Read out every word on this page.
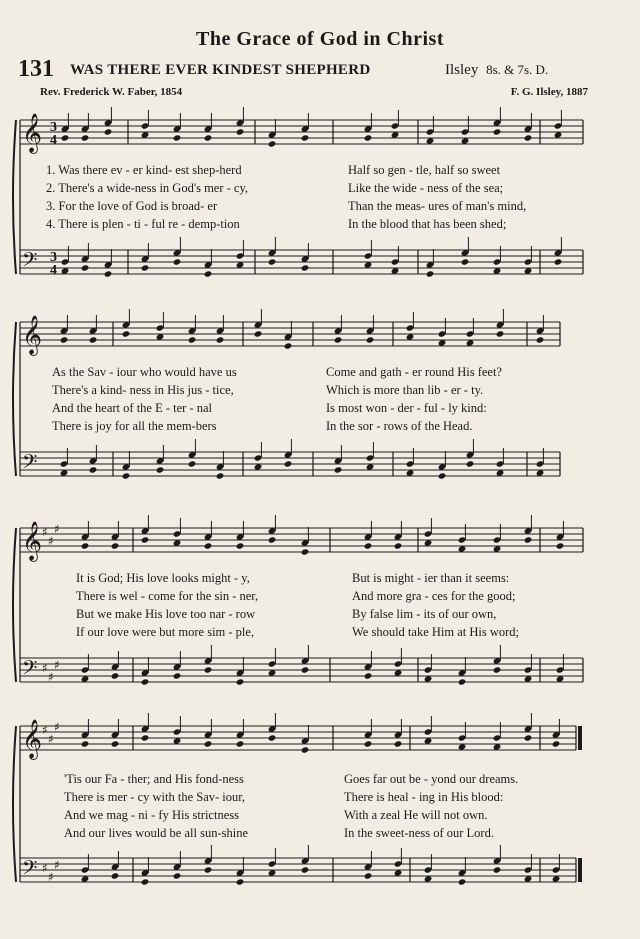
The Grace of God in Christ
131 WAS THERE EVER KINDEST SHEPHERD	Ilsley 8s. & 7s. D.
Rev. Frederick W. Faber, 1854	F. G. Ilsley, 1887
𝄞
𝄢
3
4
3
4
1. Was there ev - er kind- est shep-herd
2. There's a wide-ness in God's mer - cy,
3. For the love of God is broad- er
4. There is plen - ti - ful re - demp-tion
Half so gen - tle, half so sweet
Like the wide - ness of the sea;
Than the meas- ures of man's mind,
In the blood that has been shed;
𝄞
𝄢
As the Sav - iour who would have us
There's a kind- ness in His jus - tice,
And the heart of the E - ter - nal
There is joy for all the mem-bers
Come and gath - er round His feet?
Which is more than lib - er - ty.
Is most won - der - ful - ly kind:
In the sor - rows of the Head.
𝄞
𝄢
♯
♯
♯
♯
♯
♯
It is God; His love looks might - y,
There is wel - come for the sin - ner,
But we make His love too nar - row
If our love were but more sim - ple,
But is might - ier than it seems:
And more gra - ces for the good;
By false lim - its of our own,
We should take Him at His word;
𝄞
𝄢
♯
♯
♯
♯
♯
♯
'Tis our Fa - ther; and His fond-ness
There is mer - cy with the Sav- iour,
And we mag - ni - fy His strictness
And our lives would be all sun-shine
Goes far out be - yond our dreams.
There is heal - ing in His blood:
With a zeal He will not own.
In the sweet-ness of our Lord.
